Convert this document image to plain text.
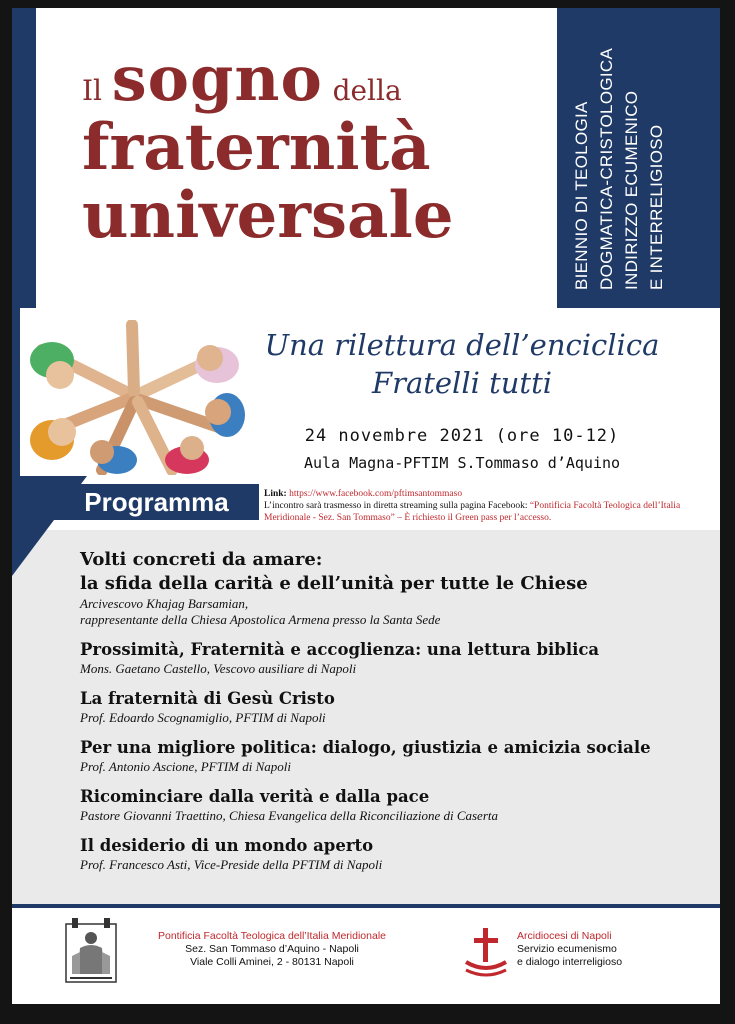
Il sogno della
fraternità
universale	BIENNIO DI TEOLOGIA DOGMATICA-CRISTOLOGICA INDIRIZZO ECUMENICO E INTERRELIGIOSO
Una rilettura dell’enciclica
Fratelli tutti
24 novembre 2021 (ore 10-12)
Aula Magna-PFTIM S.Tommaso d’Aquino
Programma	Link: https://www.facebook.com/pftimsantommaso
L’incontro sarà trasmesso in diretta streaming sulla pagina Facebook: “Pontificia Facoltà Teologica dell’Italia Meridionale - Sez. San Tommaso” – È richiesto il Green pass per l’accesso.
Volti concreti da amare:
la sfida della carità e dell’unità per tutte le Chiese
Arcivescovo Khajag Barsamian,
rappresentante della Chiesa Apostolica Armena presso la Santa Sede
Prossimità, Fraternità e accoglienza: una lettura biblica
Mons. Gaetano Castello, Vescovo ausiliare di Napoli
La fraternità di Gesù Cristo
Prof. Edoardo Scognamiglio, PFTIM di Napoli
Per una migliore politica: dialogo, giustizia e amicizia sociale
Prof. Antonio Ascione, PFTIM di Napoli
Ricominciare dalla verità e dalla pace
Pastore Giovanni Traettino, Chiesa Evangelica della Riconciliazione di Caserta
Il desiderio di un mondo aperto
Prof. Francesco Asti, Vice-Preside della PFTIM di Napoli
Pontificia Facoltà Teologica dell’Italia Meridionale
Sez. San Tommaso d’Aquino - Napoli
Viale Colli Aminei, 2 - 80131 Napoli
Arcidiocesi di Napoli
Servizio ecumenismo
e dialogo interreligioso
